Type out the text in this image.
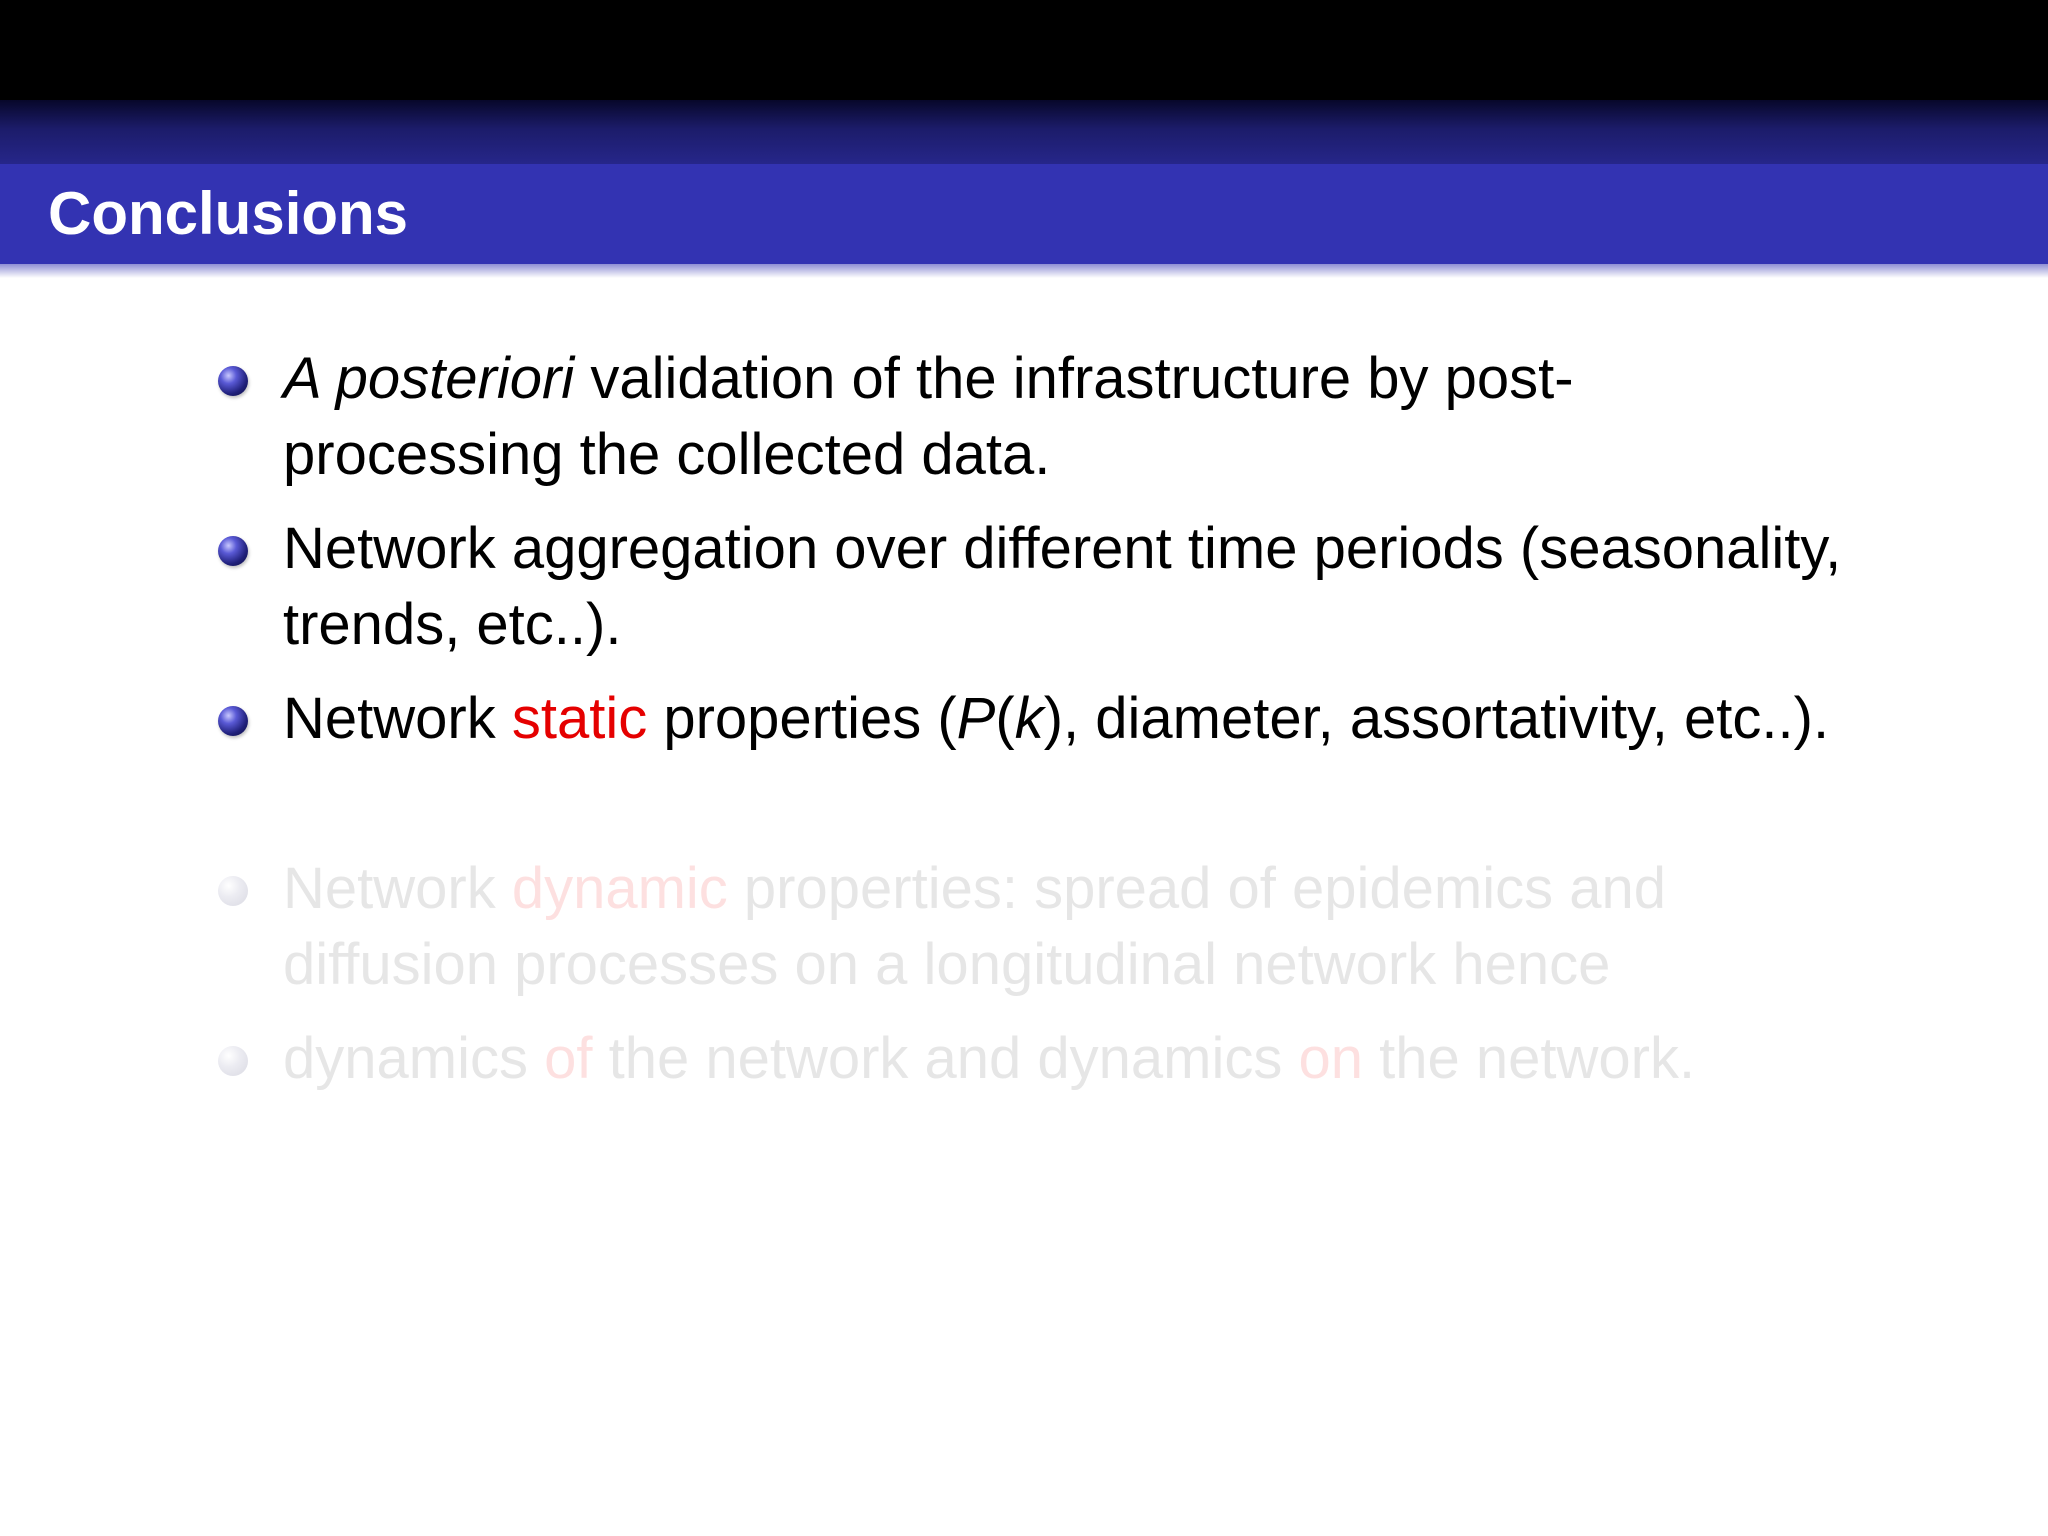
Conclusions
A posteriori validation of the infrastructure by post-processing the collected data.
Network aggregation over different time periods (seasonality, trends, etc..).
Network static properties (P(k), diameter, assortativity, etc..).
Network dynamic properties: spread of epidemics and diffusion processes on a longitudinal network hence
dynamics of the network and dynamics on the network.
